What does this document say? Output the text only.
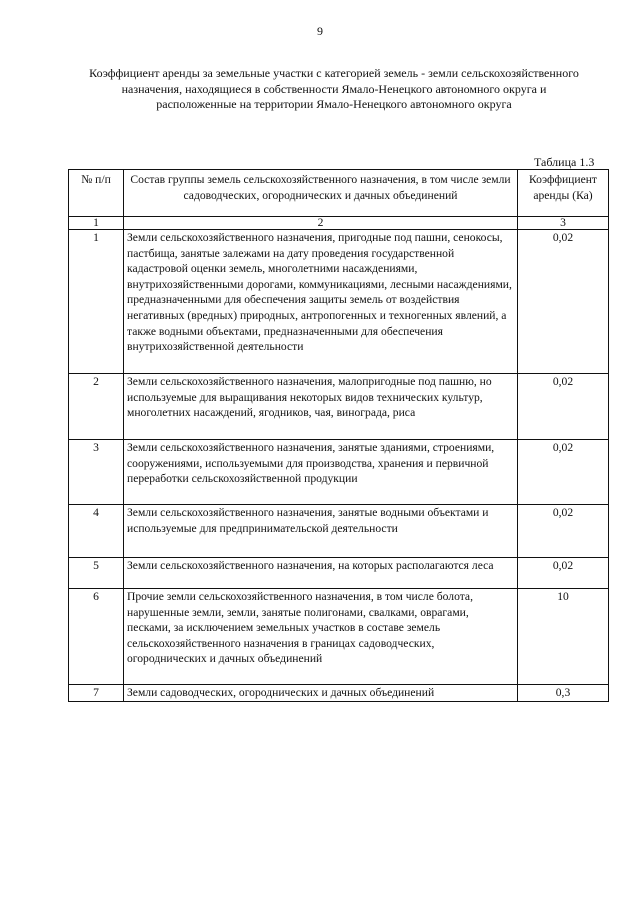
9
Коэффициент аренды за земельные участки с категорией земель - земли сельскохозяйственного
назначения, находящиеся в собственности Ямало-Ненецкого автономного округа и
расположенные на территории Ямало-Ненецкого автономного округа
Таблица 1.3
№ п/п	Состав группы земель сельскохозяйственного назначения, в том числе земли садоводческих, огороднических и дачных объединений	Коэффициент аренды (Ка)
1	2	3
1	Земли сельскохозяйственного назначения, пригодные под пашни, сенокосы, пастбища, занятые залежами на дату проведения государственной кадастровой оценки земель, многолетними насаждениями, внутрихозяйственными дорогами, коммуникациями, лесными насаждениями, предназначенными для обеспечения защиты земель от воздействия негативных (вредных) природных, антропогенных и техногенных явлений, а также водными объектами, предназначенными для обеспечения внутрихозяйственной деятельности	0,02
2	Земли сельскохозяйственного назначения, малопригодные под пашню, но используемые для выращивания некоторых видов технических культур, многолетних насаждений, ягодников, чая, винограда, риса	0,02
3	Земли сельскохозяйственного назначения, занятые зданиями, строениями, сооружениями, используемыми для производства, хранения и первичной переработки сельскохозяйственной продукции	0,02
4	Земли сельскохозяйственного назначения, занятые водными объектами и используемые для предпринимательской деятельности	0,02
5	Земли сельскохозяйственного назначения, на которых располагаются леса	0,02
6	Прочие земли сельскохозяйственного назначения, в том числе болота, нарушенные земли, земли, занятые полигонами, свалками, оврагами, песками, за исключением земельных участков в составе земель сельскохозяйственного назначения в границах садоводческих, огороднических и дачных объединений	10
7	Земли садоводческих, огороднических и дачных объединений	0,3
